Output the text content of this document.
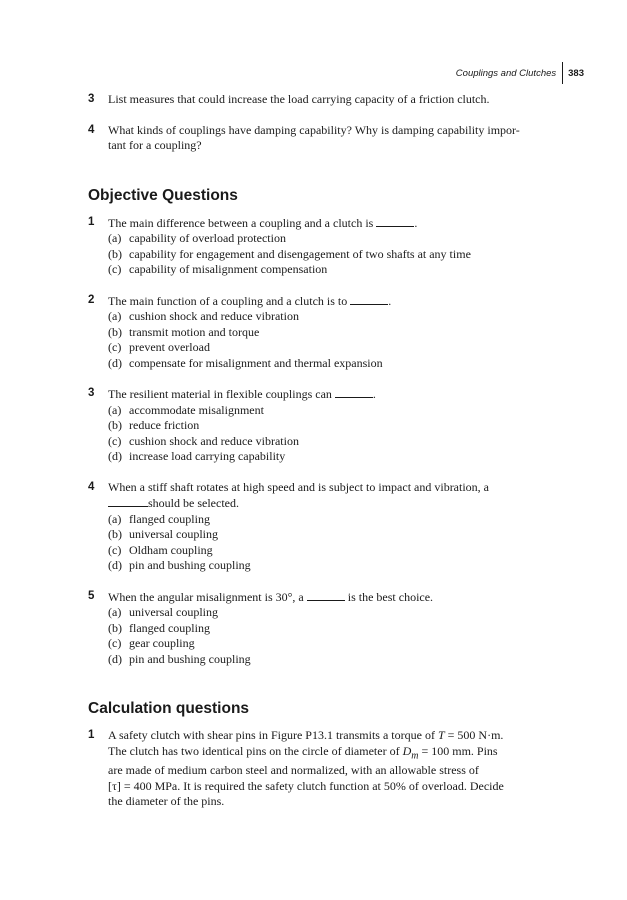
Couplings and Clutches 383
3 List measures that could increase the load carrying capacity of a friction clutch.
4 What kinds of couplings have damping capability? Why is damping capability impor-
tant for a coupling?
Objective Questions
1 The main difference between a coupling and a clutch is	.
(a) capability of overload protection
(b) capability for engagement and disengagement of two shafts at any time
(c) capability of misalignment compensation
2 The main function of a coupling and a clutch is to	.
(a) cushion shock and reduce vibration
(b) transmit motion and torque
(c) prevent overload
(d) compensate for misalignment and thermal expansion
3 The resilient material in flexible couplings can	.
(a) accommodate misalignment
(b) reduce friction
(c) cushion shock and reduce vibration
(d) increase load carrying capability
4 When a stiff shaft rotates at high speed and is subject to impact and vibration, a
should be selected.
(a) flanged coupling
(b) universal coupling
(c) Oldham coupling
(d) pin and bushing coupling
5 When the angular misalignment is 30°, a	is the best choice.
(a) universal coupling
(b) flanged coupling
(c) gear coupling
(d) pin and bushing coupling
Calculation questions
1 A safety clutch with shear pins in Figure P13.1 transmits a torque of T = 500 N·m.
The clutch has two identical pins on the circle of diameter of $D_m = 100$ mm. Pins
are made of medium carbon steel and normalized, with an allowable stress of
[τ] = 400 MPa. It is required the safety clutch function at 50% of overload. Decide
the diameter of the pins.
